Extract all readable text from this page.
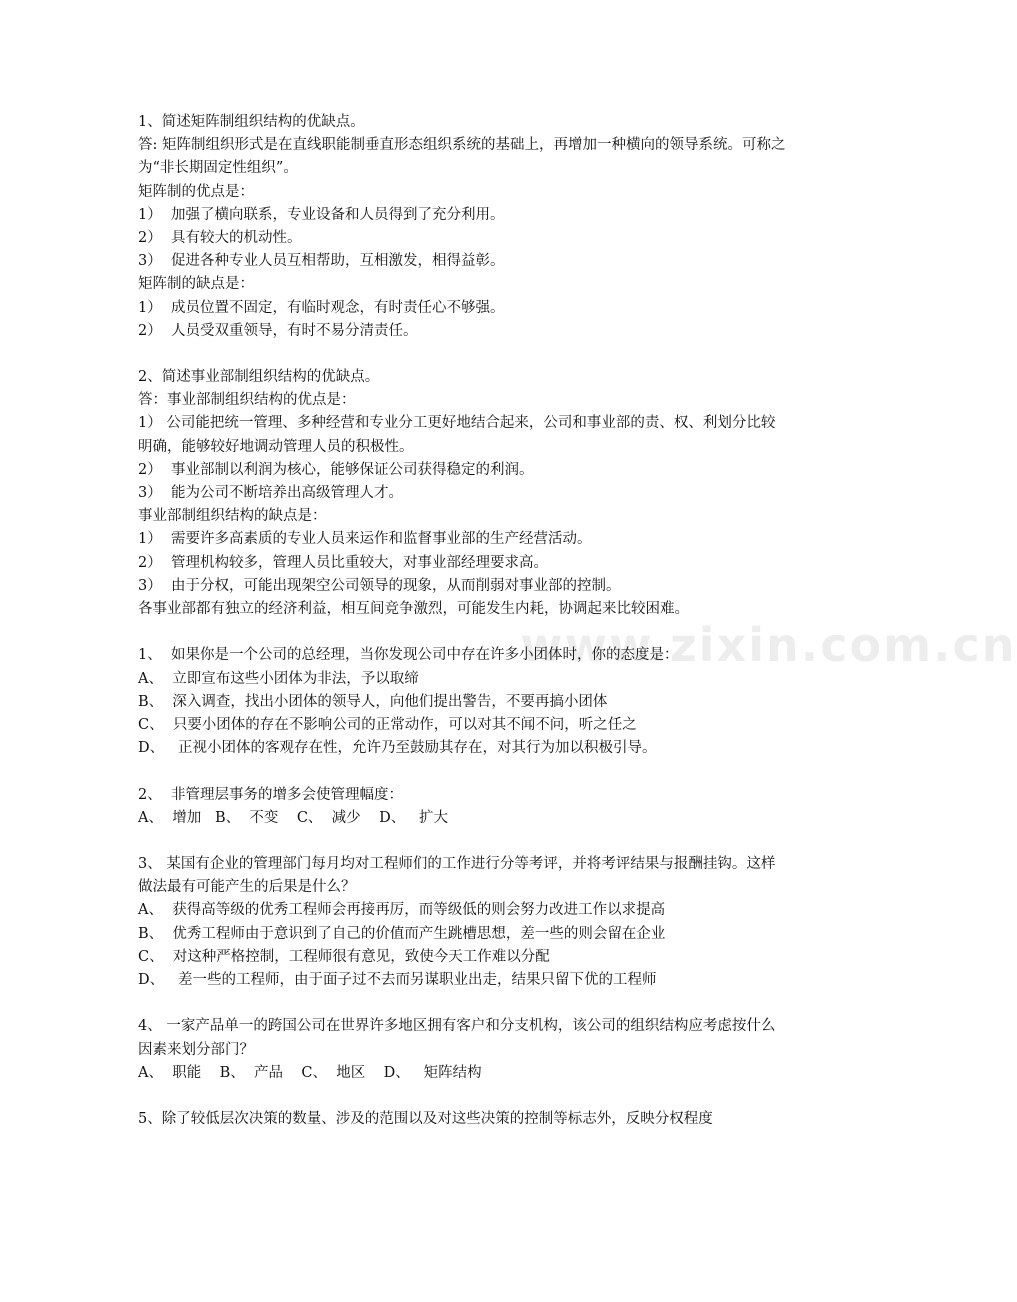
www.zixin.com.cn
1、简述矩阵制组织结构的优缺点。
答: 矩阵制组织形式是在直线职能制垂直形态组织系统的基础上，再增加一种横向的领导系统。可称之为“非长期固定性组织”。
矩阵制的优点是：
1）  加强了横向联系，专业设备和人员得到了充分利用。
2）  具有较大的机动性。
3）  促进各种专业人员互相帮助，互相激发，相得益彰。
矩阵制的缺点是：
1）  成员位置不固定，有临时观念，有时责任心不够强。
2）  人员受双重领导，有时不易分清责任。
2、简述事业部制组织结构的优缺点。
答：事业部制组织结构的优点是：
1） 公司能把统一管理、多种经营和专业分工更好地结合起来，公司和事业部的责、权、利划分比较明确，能够较好地调动管理人员的积极性。
2）  事业部制以利润为核心，能够保证公司获得稳定的利润。
3）  能为公司不断培养出高级管理人才。
事业部制组织结构的缺点是：
1）  需要许多高素质的专业人员来运作和监督事业部的生产经营活动。
2）  管理机构较多，管理人员比重较大，对事业部经理要求高。
3）  由于分权，可能出现架空公司领导的现象，从而削弱对事业部的控制。
各事业部都有独立的经济利益，相互间竞争激烈，可能发生内耗，协调起来比较困难。
1、  如果你是一个公司的总经理，当你发现公司中存在许多小团体时，你的态度是：
A、  立即宣布这些小团体为非法，予以取缔
B、  深入调查，找出小团体的领导人，向他们提出警告，不要再搞小团体
C、  只要小团体的存在不影响公司的正常动作，可以对其不闻不问，听之任之
D、   正视小团体的客观存在性，允许乃至鼓励其存在，对其行为加以积极引导。
2、  非管理层事务的增多会使管理幅度：
A、  增加   B、  不变    C、  减少    D、   扩大
3、 某国有企业的管理部门每月均对工程师们的工作进行分等考评，并将考评结果与报酬挂钩。这样做法最有可能产生的后果是什么？
A、  获得高等级的优秀工程师会再接再厉，而等级低的则会努力改进工作以求提高
B、  优秀工程师由于意识到了自己的价值而产生跳槽思想，差一些的则会留在企业
C、  对这种严格控制，工程师很有意见，致使今天工作难以分配
D、   差一些的工程师，由于面子过不去而另谋职业出走，结果只留下优的工程师
4、 一家产品单一的跨国公司在世界许多地区拥有客户和分支机构，该公司的组织结构应考虑按什么因素来划分部门？
A、  职能    B、  产品    C、  地区    D、   矩阵结构
5、除了较低层次决策的数量、涉及的范围以及对这些决策的控制等标志外，反映分权程度
